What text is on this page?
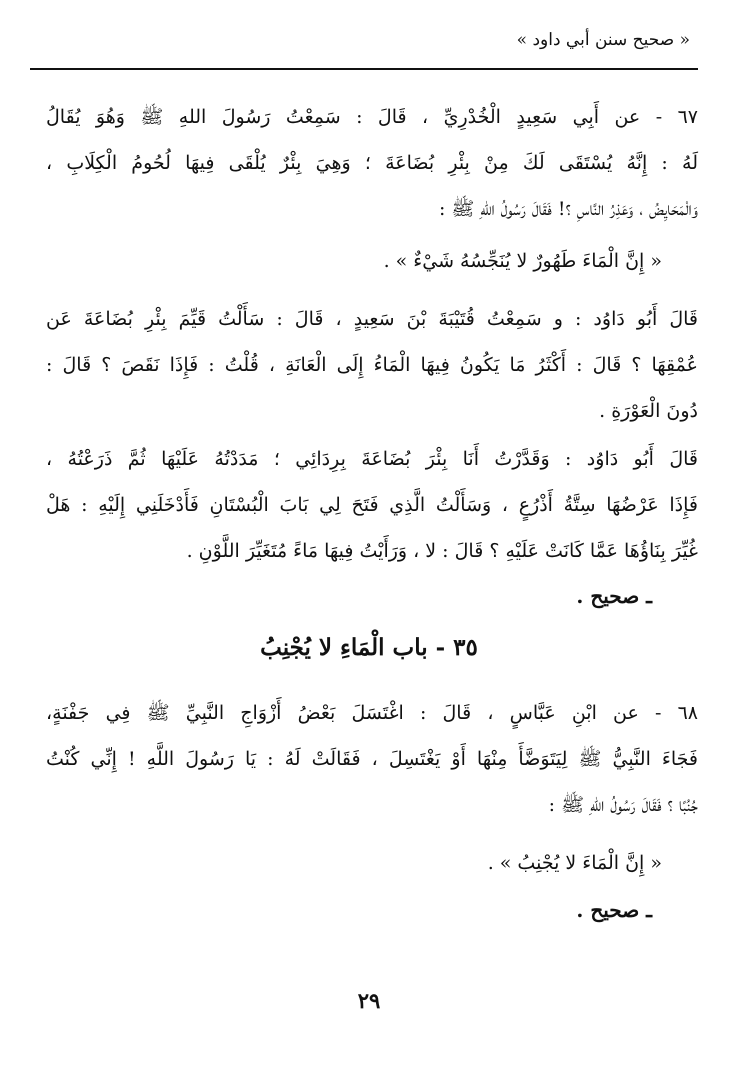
« صحيح سنن أبي داود »
٦٧ - عن أَبِي سَعِيدٍ الْخُدْرِيِّ ، قَالَ : سَمِعْتُ رَسُولَ اللهِ ﷺ وَهُوَ يُقَالُ
لَهُ : إِنَّهُ يُسْتَقَى لَكَ مِنْ بِئْرِ بُضَاعَةَ ؛ وَهِيَ بِئْرٌ يُلْقَى فِيهَا لُحُومُ الْكِلَابِ ،
وَالْمَحَايِضُ ، وَعَذِرُ النَّاسِ ؟! فَقَالَ رَسُولُ اللهِ ﷺ :
« إِنَّ الْمَاءَ طَهُورٌ لا يُنَجِّسُهُ شَيْءٌ » .
قَالَ أَبُو دَاوُد : و سَمِعْتُ قُتَيْبَةَ بْنَ سَعِيدٍ ، قَالَ : سَأَلْتُ قَيِّمَ بِئْرِ بُضَاعَةَ عَن
عُمْقِهَا ؟ قَالَ : أَكْثَرُ مَا يَكُونُ فِيهَا الْمَاءُ إِلَى الْعَانَةِ ، قُلْتُ : فَإِذَا نَقَصَ ؟ قَالَ :
دُونَ الْعَوْرَةِ .
قَالَ أَبُو دَاوُد : وَقَدَّرْتُ أَنَا بِئْرَ بُضَاعَةَ بِرِدَائِي ؛ مَدَدْتُهُ عَلَيْهَا ثُمَّ ذَرَعْتُهُ ،
فَإِذَا عَرْضُهَا سِتَّةُ أَذْرُعٍ ، وَسَأَلْتُ الَّذِي فَتَحَ لِي بَابَ الْبُسْتَانِ فَأَدْخَلَنِي إِلَيْهِ : هَلْ
غُيِّرَ بِنَاؤُهَا عَمَّا كَانَتْ عَلَيْهِ ؟ قَالَ : لا ، وَرَأَيْتُ فِيهَا مَاءً مُتَغَيِّرَ اللَّوْنِ .
ـ صحيح .
٣٥ - باب الْمَاءِ لا يُجْنِبُ
٦٨ - عن ابْنِ عَبَّاسٍ ، قَالَ : اغْتَسَلَ بَعْضُ أَزْوَاجِ النَّبِيِّ ﷺ فِي جَفْنَةٍ،
فَجَاءَ النَّبِيُّ ﷺ لِيَتَوَضَّأَ مِنْهَا أَوْ يَغْتَسِلَ ، فَقَالَتْ لَهُ : يَا رَسُولَ اللَّهِ ! إِنِّي كُنْتُ
جُنُبًا ؟ فَقَالَ رَسُولُ اللهِ ﷺ :
« إِنَّ الْمَاءَ لا يُجْنِبُ » .
ـ صحيح .
٢٩
